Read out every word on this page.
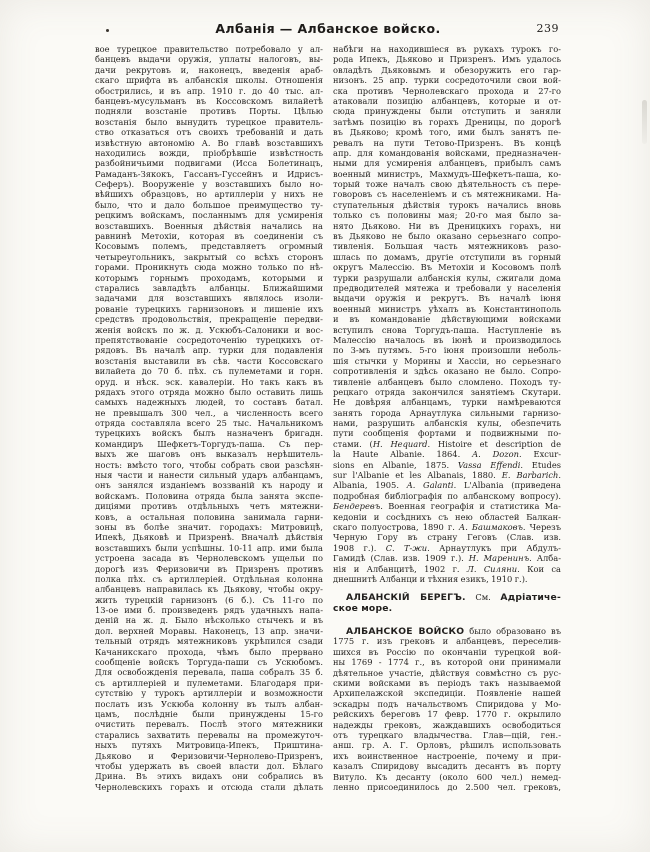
Албанія — Албанское войско.	239
вое турецкое правительство потребовало у ал-
банцевъ выдачи оружія, уплаты налоговъ, вы-
дачи рекрутовъ и, наконецъ, введенія араб-
скаго шрифта въ албанскія школы. Отношенія
обострились, и въ апр. 1910 г. до 40 тыс. ал-
банцевъ-мусульманъ въ Коссовскомъ вилайетѣ
подняли возстаніе противъ Порты. Цѣлью
возстанія было вынудить турецкое правитель-
ство отказаться отъ своихъ требованій и дать
извѣстную автономію А. Во главѣ возставшихъ
находились вожди, пріобрѣвшіе извѣстность
разбойничьими подвигами (Исса Болетинацъ,
Рамаданъ-Зякокъ, Гассанъ-Гуссейнъ и Идрисъ-
Сеферъ). Вооруженіе у возставшихъ было но-
вѣйшихъ образцовъ, но артиллеріи у нихъ не
было, что и дало большое преимущество ту-
рецкимъ войскамъ, посланнымъ для усмиренія
возставшихъ. Военныя дѣйствія начались на
равнинѣ Метохіи, которая въ соединеніи съ
Косовымъ полемъ, представляетъ огромный
четыреугольникъ, закрытый со всѣхъ сторонъ
горами. Проникнуть сюда можно только по нѣ-
которымъ горнымъ проходамъ, которыми и
старались завладѣть албанцы. Ближайшими
задачами для возставшихъ являлось изоли-
рованіе турецкихъ гарнизоновъ и лишеніе ихъ
средствъ продовольствія, прекращеніе передви-
женія войскъ по ж. д. Ускюбъ-Салоники и вос-
препятствованіе сосредоточенію турецкихъ от-
рядовъ. Въ началѣ апр. турки для подавленія
возстанія выставили въ сѣв. части Коссовскаго
вилайета до 70 б. пѣх. съ пулеметами и горн.
оруд. и нѣск. эск. кавалеріи. Но такъ какъ въ
рядахъ этого отряда можно было оставить лишь
самыхъ надежныхъ людей, то составъ батал.
не превышалъ 300 чел., а численность всего
отряда составляла всего 25 тыс. Начальникомъ
турецкихъ войскъ былъ назначенъ бригадн.
командиръ Шефкетъ-Торгудъ-паша. Съ пер-
выхъ же шаговъ онъ выказалъ нерѣшитель-
ность: вмѣсто того, чтобы собрать свои разсѣян-
ныя части и нанести сильный ударъ албанцамъ,
онъ занялся изданіемъ воззваній къ народу и
войскамъ. Половина отряда была занята экспе-
диціями противъ отдѣльныхъ четъ мятежни-
ковъ, а остальная половина занимала гарни-
зоны въ болѣе значит. городахъ: Митровицѣ,
Ипекѣ, Дьяковѣ и Призренѣ. Вначалѣ дѣйствія
возставшихъ были успѣшны. 10-11 апр. ими была
устроена засада въ Чернолевскомъ ущельи по
дорогѣ изъ Феризовичи въ Призренъ противъ
полка пѣх. съ артиллеріей. Отдѣльная колонна
албанцевъ направилась къ Дьякову, чтобы окру-
жить турецкій гарнизонъ (6 б.). Съ 11-го по
13-ое ими б. произведенъ рядъ удачныхъ напа-
деній на ж. д. Было нѣсколько стычекъ и въ
дол. верхней Моравы. Наконецъ, 13 апр. значи-
тельный отрядъ мятежниковъ укрѣпился сзади
Качаникскаго прохода, чѣмъ было прервано
сообщеніе войскъ Торгуда-паши съ Ускюбомъ.
Для освобожденія перевала, паша собралъ 35 б.
съ артиллеріей и пулеметами. Благодаря при-
сутствію у турокъ артиллеріи и возможности
послать изъ Ускюба колонну въ тылъ албан-
цамъ, послѣдніе были принуждены 15-го
очистить перевалъ. Послѣ этого мятежники
старались захватить перевалы на промежуточ-
ныхъ путяхъ Митровица-Ипекъ, Приштина-
Дьяково и Феризовичи-Чернолево-Призренъ,
чтобы удержать въ своей власти дол. Бѣлаго
Дрина. Въ этихъ видахъ они собрались въ
Чернолевскихъ горахъ и отсюда стали дѣлать
набѣги на находившіеся въ рукахъ турокъ го-
рода Ипекъ, Дьяково и Призренъ. Имъ удалось
овладѣть Дьяковымъ и обезоружить его гар-
низонъ. 25 апр. турки сосредоточили свои вой-
ска противъ Чернолевскаго прохода и 27-го
атаковали позицію албанцевъ, которые и от-
сюда принуждены были отступить и заняли
затѣмъ позицію въ горахъ Дреницы, по дорогѣ
въ Дьяково; кромѣ того, ими былъ занятъ пе-
ревалъ на пути Тетово-Призренъ. Въ концѣ
апр. для командованія войсками, предназначен-
ными для усмиренія албанцевъ, прибылъ самъ
военный министръ, Махмудъ-Шефкетъ-паша, ко-
торый тоже началъ свою дѣятельность съ пере-
говоровъ съ населеніемъ и съ мятежниками. На-
ступательныя дѣйствія турокъ начались вновь
только съ половины мая; 20-го мая было за-
нято Дьяково. Ни въ Дреницкихъ горахъ, ни
въ Дьяково не было оказано серьезнаго сопро-
тивленія. Большая часть мятежниковъ разо-
шлась по домамъ, другіе отступили въ горный
округъ Малессію. Въ Метохіи и Косовомъ полѣ
турки разрушали албанскія кулы, сжигали дома
предводителей мятежа и требовали у населенія
выдачи оружія и рекрутъ. Въ началѣ іюня
военный министръ уѣхалъ въ Константинополь
и въ командованіе дѣйствующими войсками
вступилъ снова Торгудъ-паша. Наступленіе въ
Малессію началось въ іюнѣ и производилось
по 3-мъ путямъ. 5-го іюня произошли неболь-
шія стычки у Морины и Хассіи, но серьезнаго
сопротивленія и здѣсь оказано не было. Сопро-
тивленіе албанцевъ было сломлено. Походъ ту-
рецкаго отряда закончился занятіемъ Скутари.
Не довѣряя албанцамъ, турки намѣреваются
занять города Арнаутлука сильными гарнизо-
нами, разрушить албанскія кулы, обезпечить
пути сообщенія фортами и подвижными по-
стами. (Н. Hequard. Histoire et description de
la Haute Albanie. 1864. A. Dozon. Excur-
sions en Albanie, 1875. Vassa Effendi. Etudes
sur l'Albanie et les Albanais, 1880. E. Barbarich.
Albania, 1905. A. Galanti. L'Albania (приведена
подробная библіографія по албанскому вопросу).
Бендеревъ. Военная географія и статистика Ма-
кедоніи и сосѣднихъ съ нею областей Балкан-
скаго полуострова, 1890 г. А. Башмаковъ. Черезъ
Черную Гору въ страну Геговъ (Слав. изв.
1908 г.). С. Т-жи. Арнаутлукъ при Абдулъ-
Гамидѣ (Слав. изв. 1909 г.). Н. Маренинъ. Алба-
нія и Албанцитѣ, 1902 г. Л. Силяни. Кои са
днешнитѣ Албанци и тѣхния езикъ, 1910 г.).
АЛБАНСКІЙ БЕРЕГЪ. См. Адріатиче-
ское море.
АЛБАНСКОЕ ВОЙСКО было образовано въ
1775 г. изъ грековъ и албанцевъ, переселив-
шихся въ Россію по окончаніи турецкой вой-
ны 1769 - 1774 г., въ которой они принимали
дѣятельное участіе, дѣйствуя совмѣстно съ рус-
скими войсками въ періодъ такъ называемой
Архипелажской экспедиціи. Появленіе нашей
эскадры подъ начальствомъ Спиридова у Мо-
рейскихъ береговъ 17 февр. 1770 г. окрылило
надежды грековъ, жаждавшихъ освободиться
отъ турецкаго владычества. Глав—щій, ген.-
анш. гр. А. Г. Орловъ, рѣшилъ использовать
ихъ воинственное настроеніе, почему и при-
казалъ Спиридову высадить десантъ въ порту
Витуло. Къ десанту (около 600 чел.) немед-
ленно присоединилось до 2.500 чел. грековъ,
